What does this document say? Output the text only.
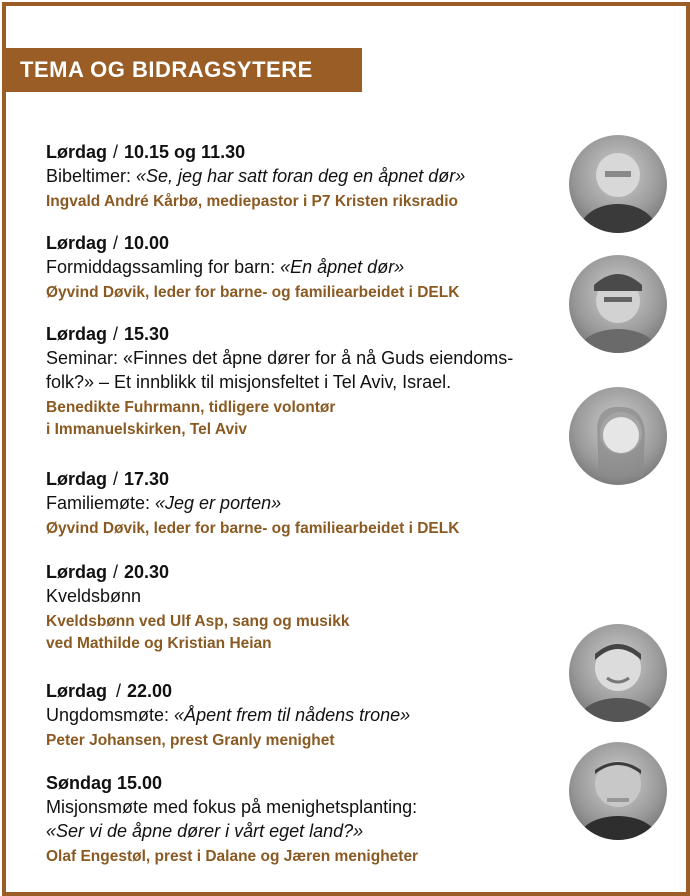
TEMA OG BIDRAGSYTERE
Lørdag / 10.15 og 11.30
Bibeltimer: «Se, jeg har satt foran deg en åpnet dør»
Ingvald André Kårbø, mediepastor i P7 Kristen riksradio
Lørdag / 10.00
Formiddagssamling for barn: «En åpnet dør»
Øyvind Døvik, leder for barne- og familiearbeidet i DELK
Lørdag / 15.30
Seminar: «Finnes det åpne dører for å nå Guds eiendoms-
folk?» – Et innblikk til misjonsfeltet i Tel Aviv, Israel.
Benedikte Fuhrmann, tidligere volontør
i Immanuelskirken, Tel Aviv
Lørdag / 17.30
Familiemøte: «Jeg er porten»
Øyvind Døvik, leder for barne- og familiearbeidet i DELK
Lørdag / 20.30
Kveldsbønn
Kveldsbønn ved Ulf Asp, sang og musikk
ved Mathilde og Kristian Heian
Lørdag / 22.00
Ungdomsmøte: «Åpent frem til nådens trone»
Peter Johansen, prest Granly menighet
Søndag 15.00
Misjonsmøte med fokus på menighetsplanting:
«Ser vi de åpne dører i vårt eget land?»
Olaf Engestøl, prest i Dalane og Jæren menigheter
